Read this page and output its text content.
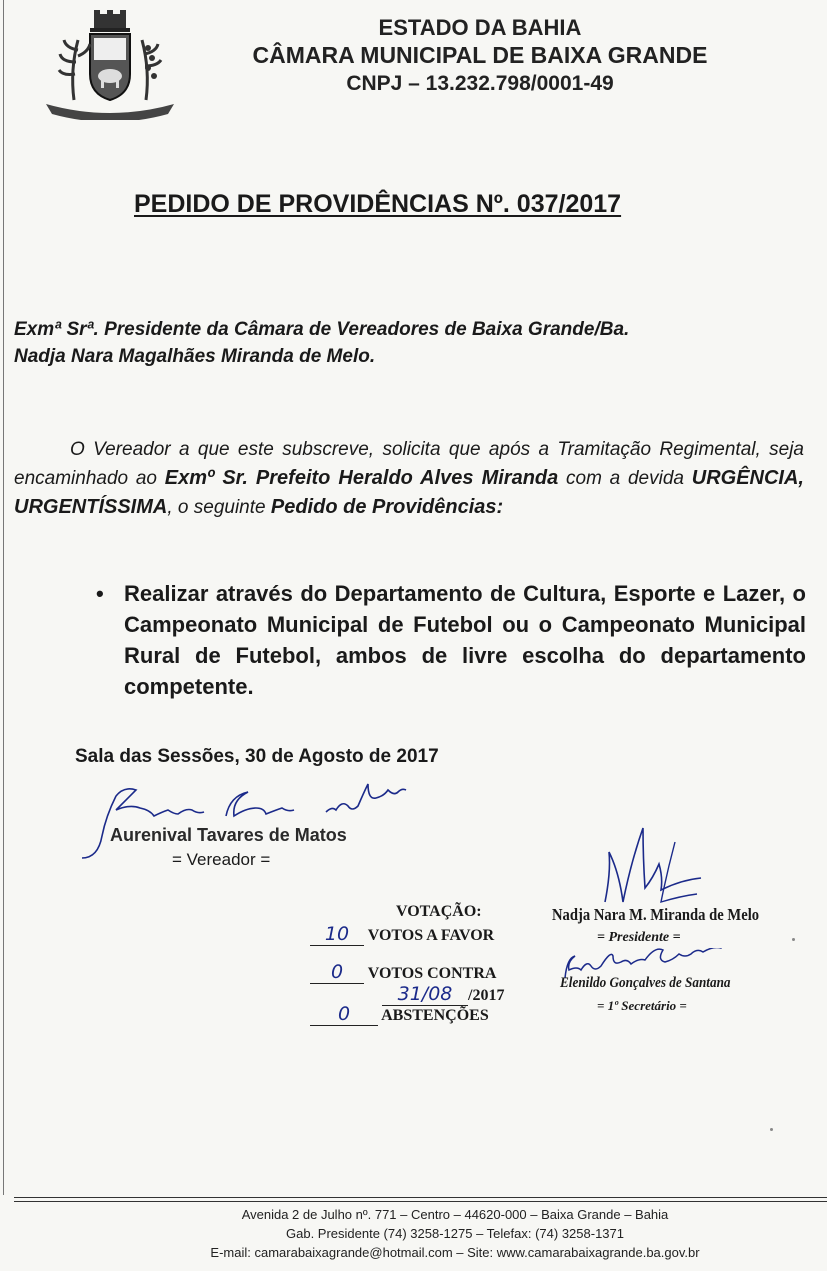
ESTADO DA BAHIA
CÂMARA MUNICIPAL DE BAIXA GRANDE
CNPJ – 13.232.798/0001-49
PEDIDO DE PROVIDÊNCIAS Nº. 037/2017
Exmª Srª. Presidente da Câmara de Vereadores de Baixa Grande/Ba.
Nadja Nara Magalhães Miranda de Melo.
O Vereador a que este subscreve, solicita que após a Tramitação Regimental, seja encaminhado ao Exmº Sr. Prefeito Heraldo Alves Miranda com a devida URGÊNCIA, URGENTÍSSIMA, o seguinte Pedido de Providências:
• Realizar através do Departamento de Cultura, Esporte e Lazer, o Campeonato Municipal de Futebol ou o Campeonato Municipal Rural de Futebol, ambos de livre escolha do departamento competente.
Sala das Sessões, 30 de Agosto de 2017
Aurenival Tavares de Matos
= Vereador =
VOTAÇÃO:
10 VOTOS A FAVOR
0 VOTOS CONTRA
31/08 /2017
0 ABSTENÇÕES
Nadja Nara M. Miranda de Melo
= Presidente =
Elenildo Gonçalves de Santana
= 1º Secretário =
Avenida 2 de Julho nº. 771 – Centro – 44620-000 – Baixa Grande – Bahia
Gab. Presidente (74) 3258-1275 – Telefax: (74) 3258-1371
E-mail: camarabaixagrande@hotmail.com – Site: www.camarabaixagrande.ba.gov.br
